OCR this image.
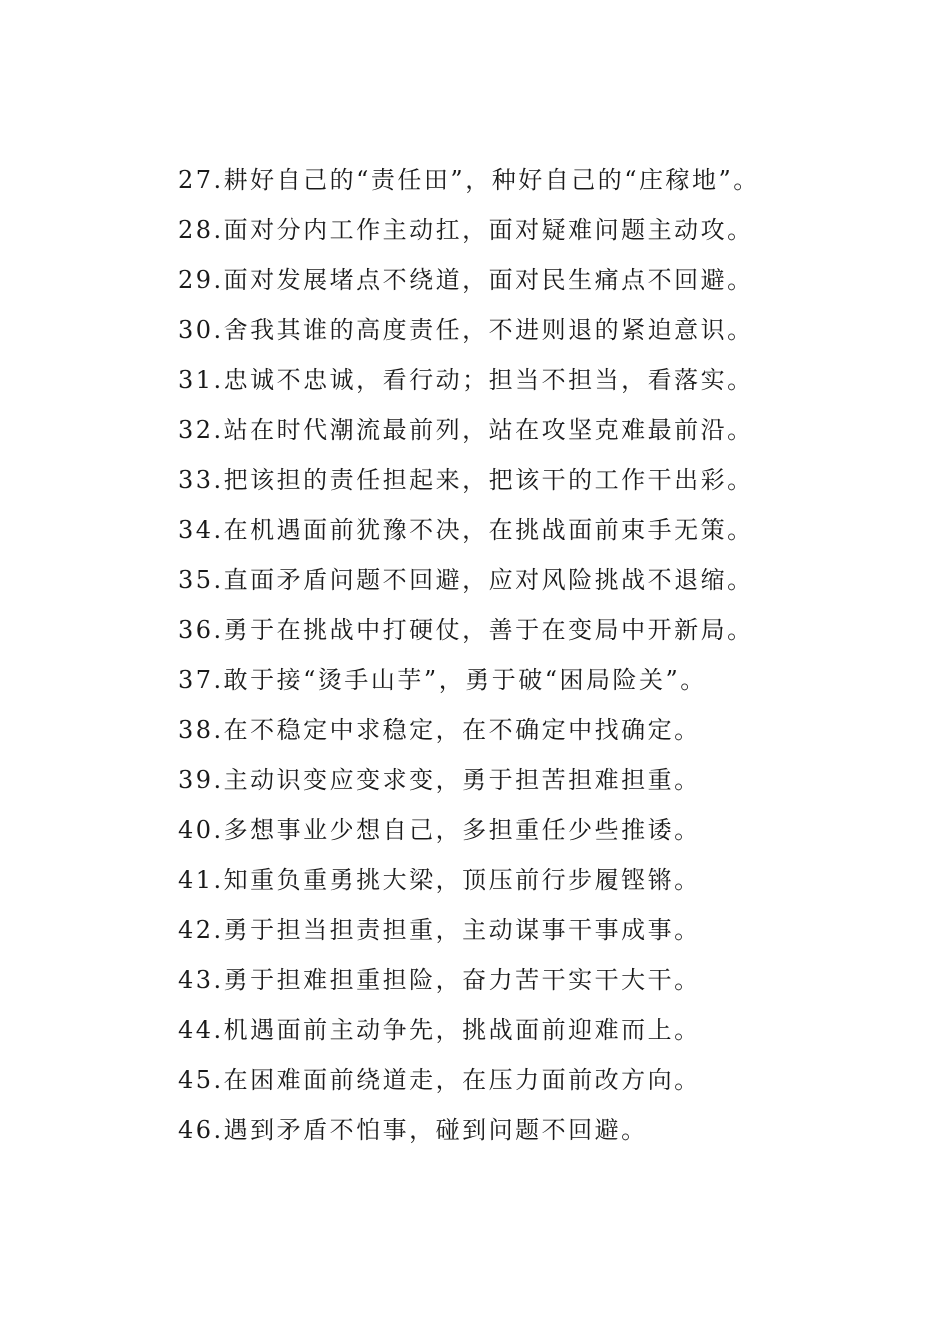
27.耕好自己的“责任田”，种好自己的“庄稼地”。
28.面对分内工作主动扛，面对疑难问题主动攻。
29.面对发展堵点不绕道，面对民生痛点不回避。
30.舍我其谁的高度责任，不进则退的紧迫意识。
31.忠诚不忠诚，看行动；担当不担当，看落实。
32.站在时代潮流最前列，站在攻坚克难最前沿。
33.把该担的责任担起来，把该干的工作干出彩。
34.在机遇面前犹豫不决，在挑战面前束手无策。
35.直面矛盾问题不回避，应对风险挑战不退缩。
36.勇于在挑战中打硬仗，善于在变局中开新局。
37.敢于接“烫手山芋”，勇于破“困局险关”。
38.在不稳定中求稳定，在不确定中找确定。
39.主动识变应变求变，勇于担苦担难担重。
40.多想事业少想自己，多担重任少些推诿。
41.知重负重勇挑大梁，顶压前行步履铿锵。
42.勇于担当担责担重，主动谋事干事成事。
43.勇于担难担重担险，奋力苦干实干大干。
44.机遇面前主动争先，挑战面前迎难而上。
45.在困难面前绕道走，在压力面前改方向。
46.遇到矛盾不怕事，碰到问题不回避。
